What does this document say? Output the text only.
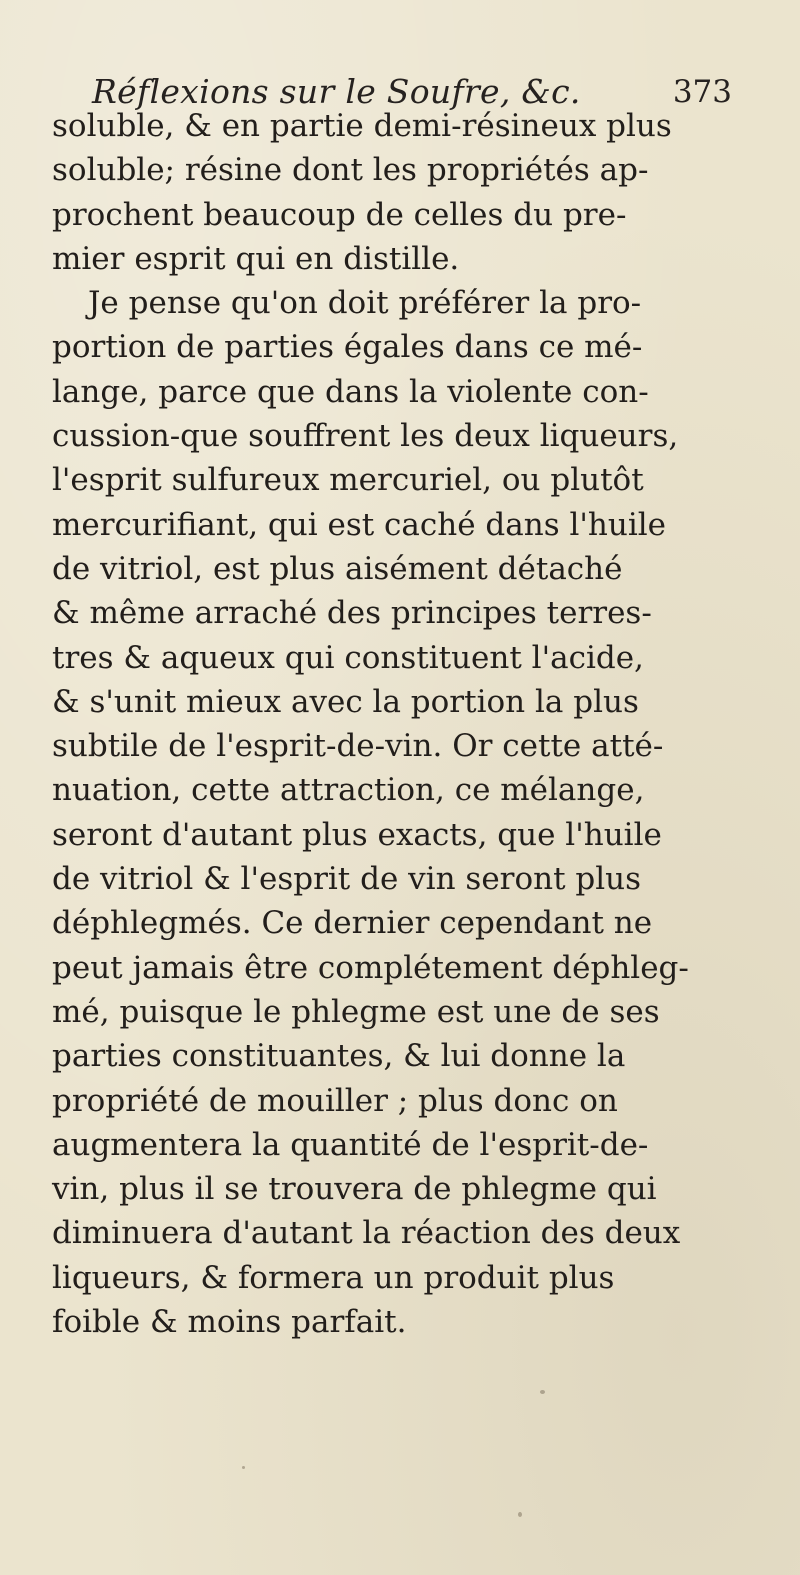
Réflexions sur le Soufre, &c.	373
soluble, & en partie demi-résineux plus
soluble; résine dont les propriétés ap-
prochent beaucoup de celles du pre-
mier esprit qui en distille.
Je pense qu'on doit préférer la pro-
portion de parties égales dans ce mé-
lange, parce que dans la violente con-
cussion-que souffrent les deux liqueurs,
l'esprit sulfureux mercuriel, ou plutôt
mercurifiant, qui est caché dans l'huile
de vitriol, est plus aisément détaché
& même arraché des principes terres-
tres & aqueux qui constituent l'acide,
& s'unit mieux avec la portion la plus
subtile de l'esprit-de-vin. Or cette atté-
nuation, cette attraction, ce mélange,
seront d'autant plus exacts, que l'huile
de vitriol & l'esprit de vin seront plus
déphlegmés. Ce dernier cependant ne
peut jamais être complétement déphleg-
mé, puisque le phlegme est une de ses
parties constituantes, & lui donne la
propriété de mouiller ; plus donc on
augmentera la quantité de l'esprit-de-
vin, plus il se trouvera de phlegme qui
diminuera d'autant la réaction des deux
liqueurs, & formera un produit plus
foible & moins parfait.
